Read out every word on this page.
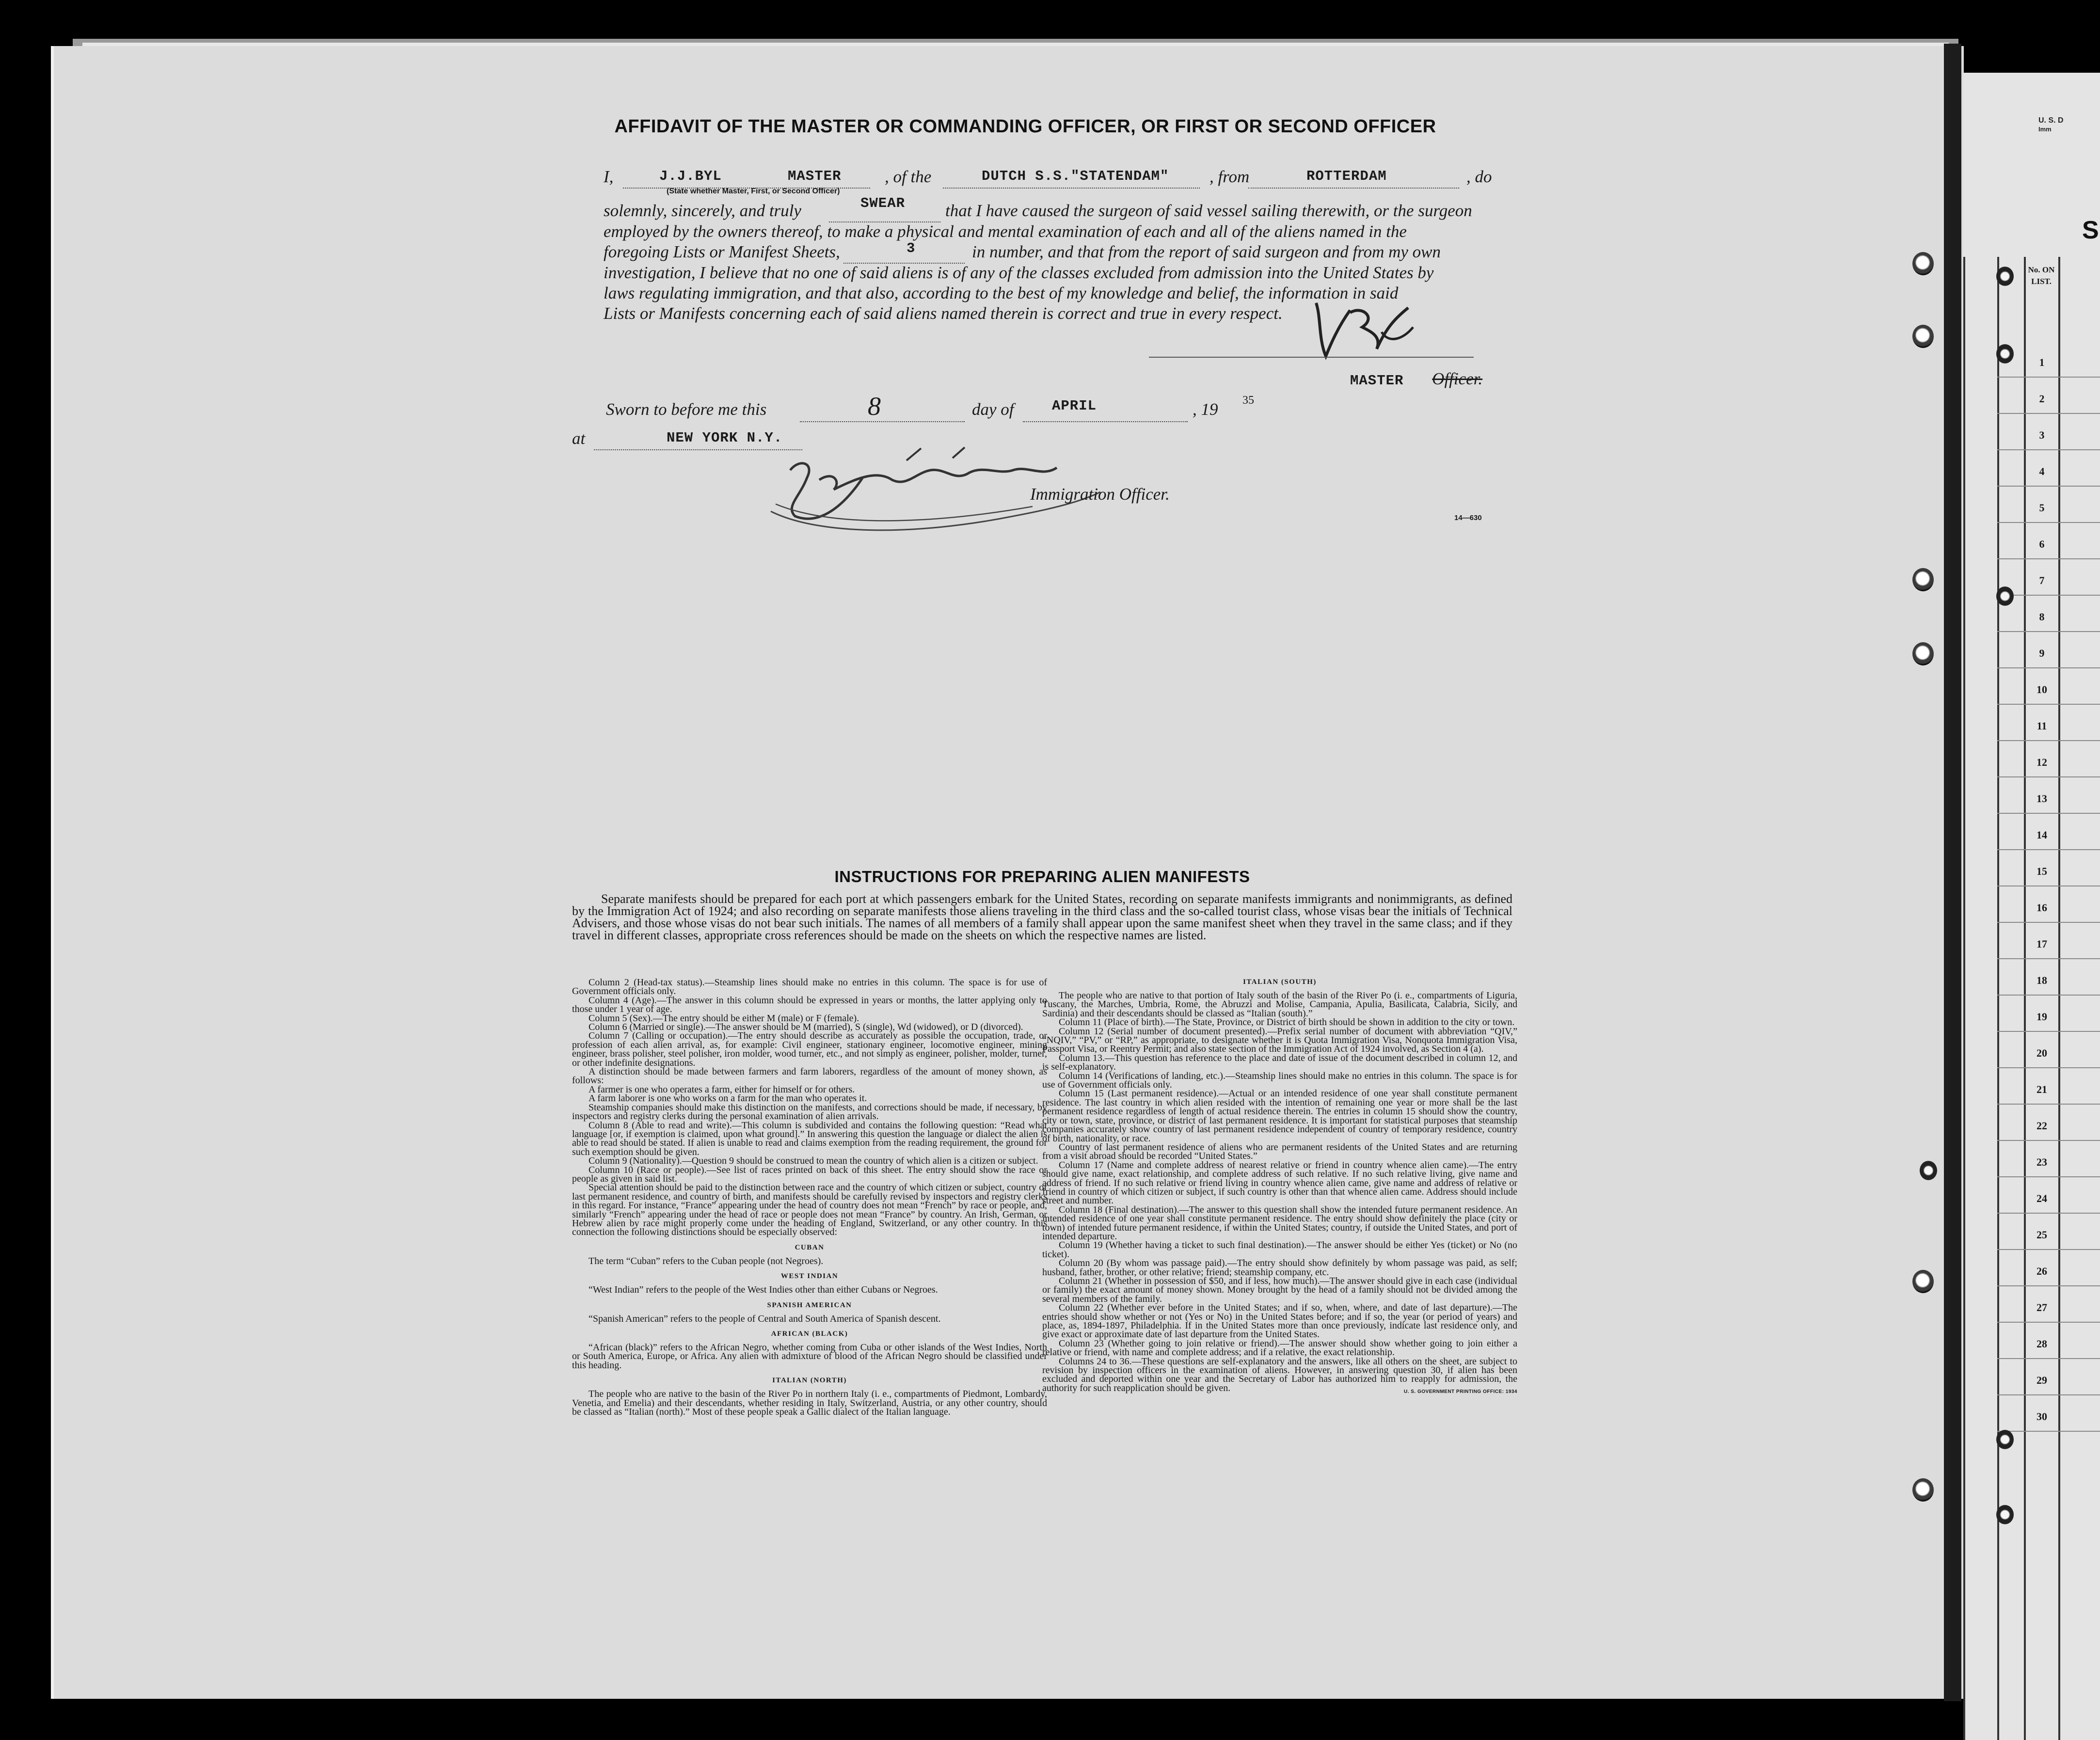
U. S. D
Imm
S
No. ON LIST.
1
2
3
4
5
6
7
8
9
10
11
12
13
14
15
16
17
18
19
20
21
22
23
24
25
26
27
28
29
30
AFFIDAVIT OF THE MASTER OR COMMANDING OFFICER, OR FIRST OR SECOND OFFICER
I,	J.J.BYL	MASTER	, of the	DUTCH S.S."STATENDAM" , from	ROTTERDAM	, do
(State whether Master, First, or Second Officer)
solemnly, sincerely, and truly	SWEAR that I have caused the surgeon of said vessel sailing therewith, or the surgeon
employed by the owners thereof, to make a physical and mental examination of each and all of the aliens named in the
foregoing Lists or Manifest Sheets,	3	in number, and that from the report of said surgeon and from my own
investigation, I believe that no one of said aliens is of any of the classes excluded from admission into the United States by
laws regulating immigration, and that also, according to the best of my knowledge and belief, the information in said
Lists or Manifests concerning each of said aliens named therein is correct and true in every respect.
MASTER Officer.
Sworn to before me this	8	day of	APRIL	, 19 35
at	NEW YORK N.Y.
Immigration Officer.
14—630
INSTRUCTIONS FOR PREPARING ALIEN MANIFESTS
Separate manifests should be prepared for each port at which passengers embark for the United States, recording on separate manifests immigrants and nonimmigrants, as defined by the Immigration Act of 1924; and also recording on separate manifests those aliens traveling in the third class and the so-called tourist class, whose visas bear the initials of Technical Advisers, and those whose visas do not bear such initials. The names of all members of a family shall appear upon the same manifest sheet when they travel in the same class; and if they travel in different classes, appropriate cross references should be made on the sheets on which the respective names are listed.

Column 2 (Head-tax status).—Steamship lines should make no entries in this column. The space is for use of Government officials only.

Column 4 (Age).—The answer in this column should be expressed in years or months, the latter applying only to those under 1 year of age.

Column 5 (Sex).—The entry should be either M (male) or F (female).

Column 6 (Married or single).—The answer should be M (married), S (single), Wd (widowed), or D (divorced).

Column 7 (Calling or occupation).—The entry should describe as accurately as possible the occupation, trade, or profession of each alien arrival, as, for example: Civil engineer, stationary engineer, locomotive engineer, mining engineer, brass polisher, steel polisher, iron molder, wood turner, etc., and not simply as engineer, polisher, molder, turner, or other indefinite designations.

A distinction should be made between farmers and farm laborers, regardless of the amount of money shown, as follows:

A farmer is one who operates a farm, either for himself or for others.

A farm laborer is one who works on a farm for the man who operates it.

Steamship companies should make this distinction on the manifests, and corrections should be made, if necessary, by inspectors and registry clerks during the personal examination of alien arrivals.

Column 8 (Able to read and write).—This column is subdivided and contains the following question: “Read what language [or, if exemption is claimed, upon what ground].” In answering this question the language or dialect the alien is able to read should be stated. If alien is unable to read and claims exemption from the reading requirement, the ground for such exemption should be given.

Column 9 (Nationality).—Question 9 should be construed to mean the country of which alien is a citizen or subject.

Column 10 (Race or people).—See list of races printed on back of this sheet. The entry should show the race or people as given in said list.

Special attention should be paid to the distinction between race and the country of which citizen or subject, country of last permanent residence, and country of birth, and manifests should be carefully revised by inspectors and registry clerks in this regard. For instance, “France” appearing under the head of country does not mean “French” by race or people, and, similarly “French” appearing under the head of race or people does not mean “France” by country. An Irish, German, or Hebrew alien by race might properly come under the heading of England, Switzerland, or any other country. In this connection the following distinctions should be especially observed:

CUBAN

The term “Cuban” refers to the Cuban people (not Negroes).

WEST INDIAN

“West Indian” refers to the people of the West Indies other than either Cubans or Negroes.

SPANISH AMERICAN

“Spanish American” refers to the people of Central and South America of Spanish descent.

AFRICAN (BLACK)

“African (black)” refers to the African Negro, whether coming from Cuba or other islands of the West Indies, North or South America, Europe, or Africa. Any alien with admixture of blood of the African Negro should be classified under this heading.

ITALIAN (NORTH)

The people who are native to the basin of the River Po in northern Italy (i. e., compartments of Piedmont, Lombardy, Venetia, and Emelia) and their descendants, whether residing in Italy, Switzerland, Austria, or any other country, should be classed as “Italian (north).” Most of these people speak a Gallic dialect of the Italian language.

ITALIAN (SOUTH)

The people who are native to that portion of Italy south of the basin of the River Po (i. e., compartments of Liguria, Tuscany, the Marches, Umbria, Rome, the Abruzzi and Molise, Campania, Apulia, Basilicata, Calabria, Sicily, and Sardinia) and their descendants should be classed as “Italian (south).”

Column 11 (Place of birth).—The State, Province, or District of birth should be shown in addition to the city or town.

Column 12 (Serial number of document presented).—Prefix serial number of document with abbreviation “QIV,” “NQIV,” “PV,” or “RP,” as appropriate, to designate whether it is Quota Immigration Visa, Nonquota Immigration Visa, Passport Visa, or Reentry Permit; and also state section of the Immigration Act of 1924 involved, as Section 4 (a).

Column 13.—This question has reference to the place and date of issue of the document described in column 12, and is self-explanatory.

Column 14 (Verifications of landing, etc.).—Steamship lines should make no entries in this column. The space is for use of Government officials only.

Column 15 (Last permanent residence).—Actual or an intended residence of one year shall constitute permanent residence. The last country in which alien resided with the intention of remaining one year or more shall be the last permanent residence regardless of length of actual residence therein. The entries in column 15 should show the country, city or town, state, province, or district of last permanent residence. It is important for statistical purposes that steamship companies accurately show country of last permanent residence independent of country of temporary residence, country of birth, nationality, or race.

Country of last permanent residence of aliens who are permanent residents of the United States and are returning from a visit abroad should be recorded “United States.”

Column 17 (Name and complete address of nearest relative or friend in country whence alien came).—The entry should give name, exact relationship, and complete address of such relative. If no such relative living, give name and address of friend. If no such relative or friend living in country whence alien came, give name and address of relative or friend in country of which citizen or subject, if such country is other than that whence alien came. Address should include street and number.

Column 18 (Final destination).—The answer to this question shall show the intended future permanent residence. An intended residence of one year shall constitute permanent residence. The entry should show definitely the place (city or town) of intended future permanent residence, if within the United States; country, if outside the United States, and port of intended departure.

Column 19 (Whether having a ticket to such final destination).—The answer should be either Yes (ticket) or No (no ticket).

Column 20 (By whom was passage paid).—The entry should show definitely by whom passage was paid, as self; husband, father, brother, or other relative; friend; steamship company, etc.

Column 21 (Whether in possession of $50, and if less, how much).—The answer should give in each case (individual or family) the exact amount of money shown. Money brought by the head of a family should not be divided among the several members of the family.

Column 22 (Whether ever before in the United States; and if so, when, where, and date of last departure).—The entries should show whether or not (Yes or No) in the United States before; and if so, the year (or period of years) and place, as, 1894-1897, Philadelphia. If in the United States more than once previously, indicate last residence only, and give exact or approximate date of last departure from the United States.

Column 23 (Whether going to join relative or friend).—The answer should show whether going to join either a relative or friend, with name and complete address; and if a relative, the exact relationship.

Columns 24 to 36.—These questions are self-explanatory and the answers, like all others on the sheet, are subject to revision by inspection officers in the examination of aliens. However, in answering question 30, if alien has been excluded and deported within one year and the Secretary of Labor has authorized him to reapply for admission, the authority for such reapplication should be given.	U. S. GOVERNMENT PRINTING OFFICE: 1934
